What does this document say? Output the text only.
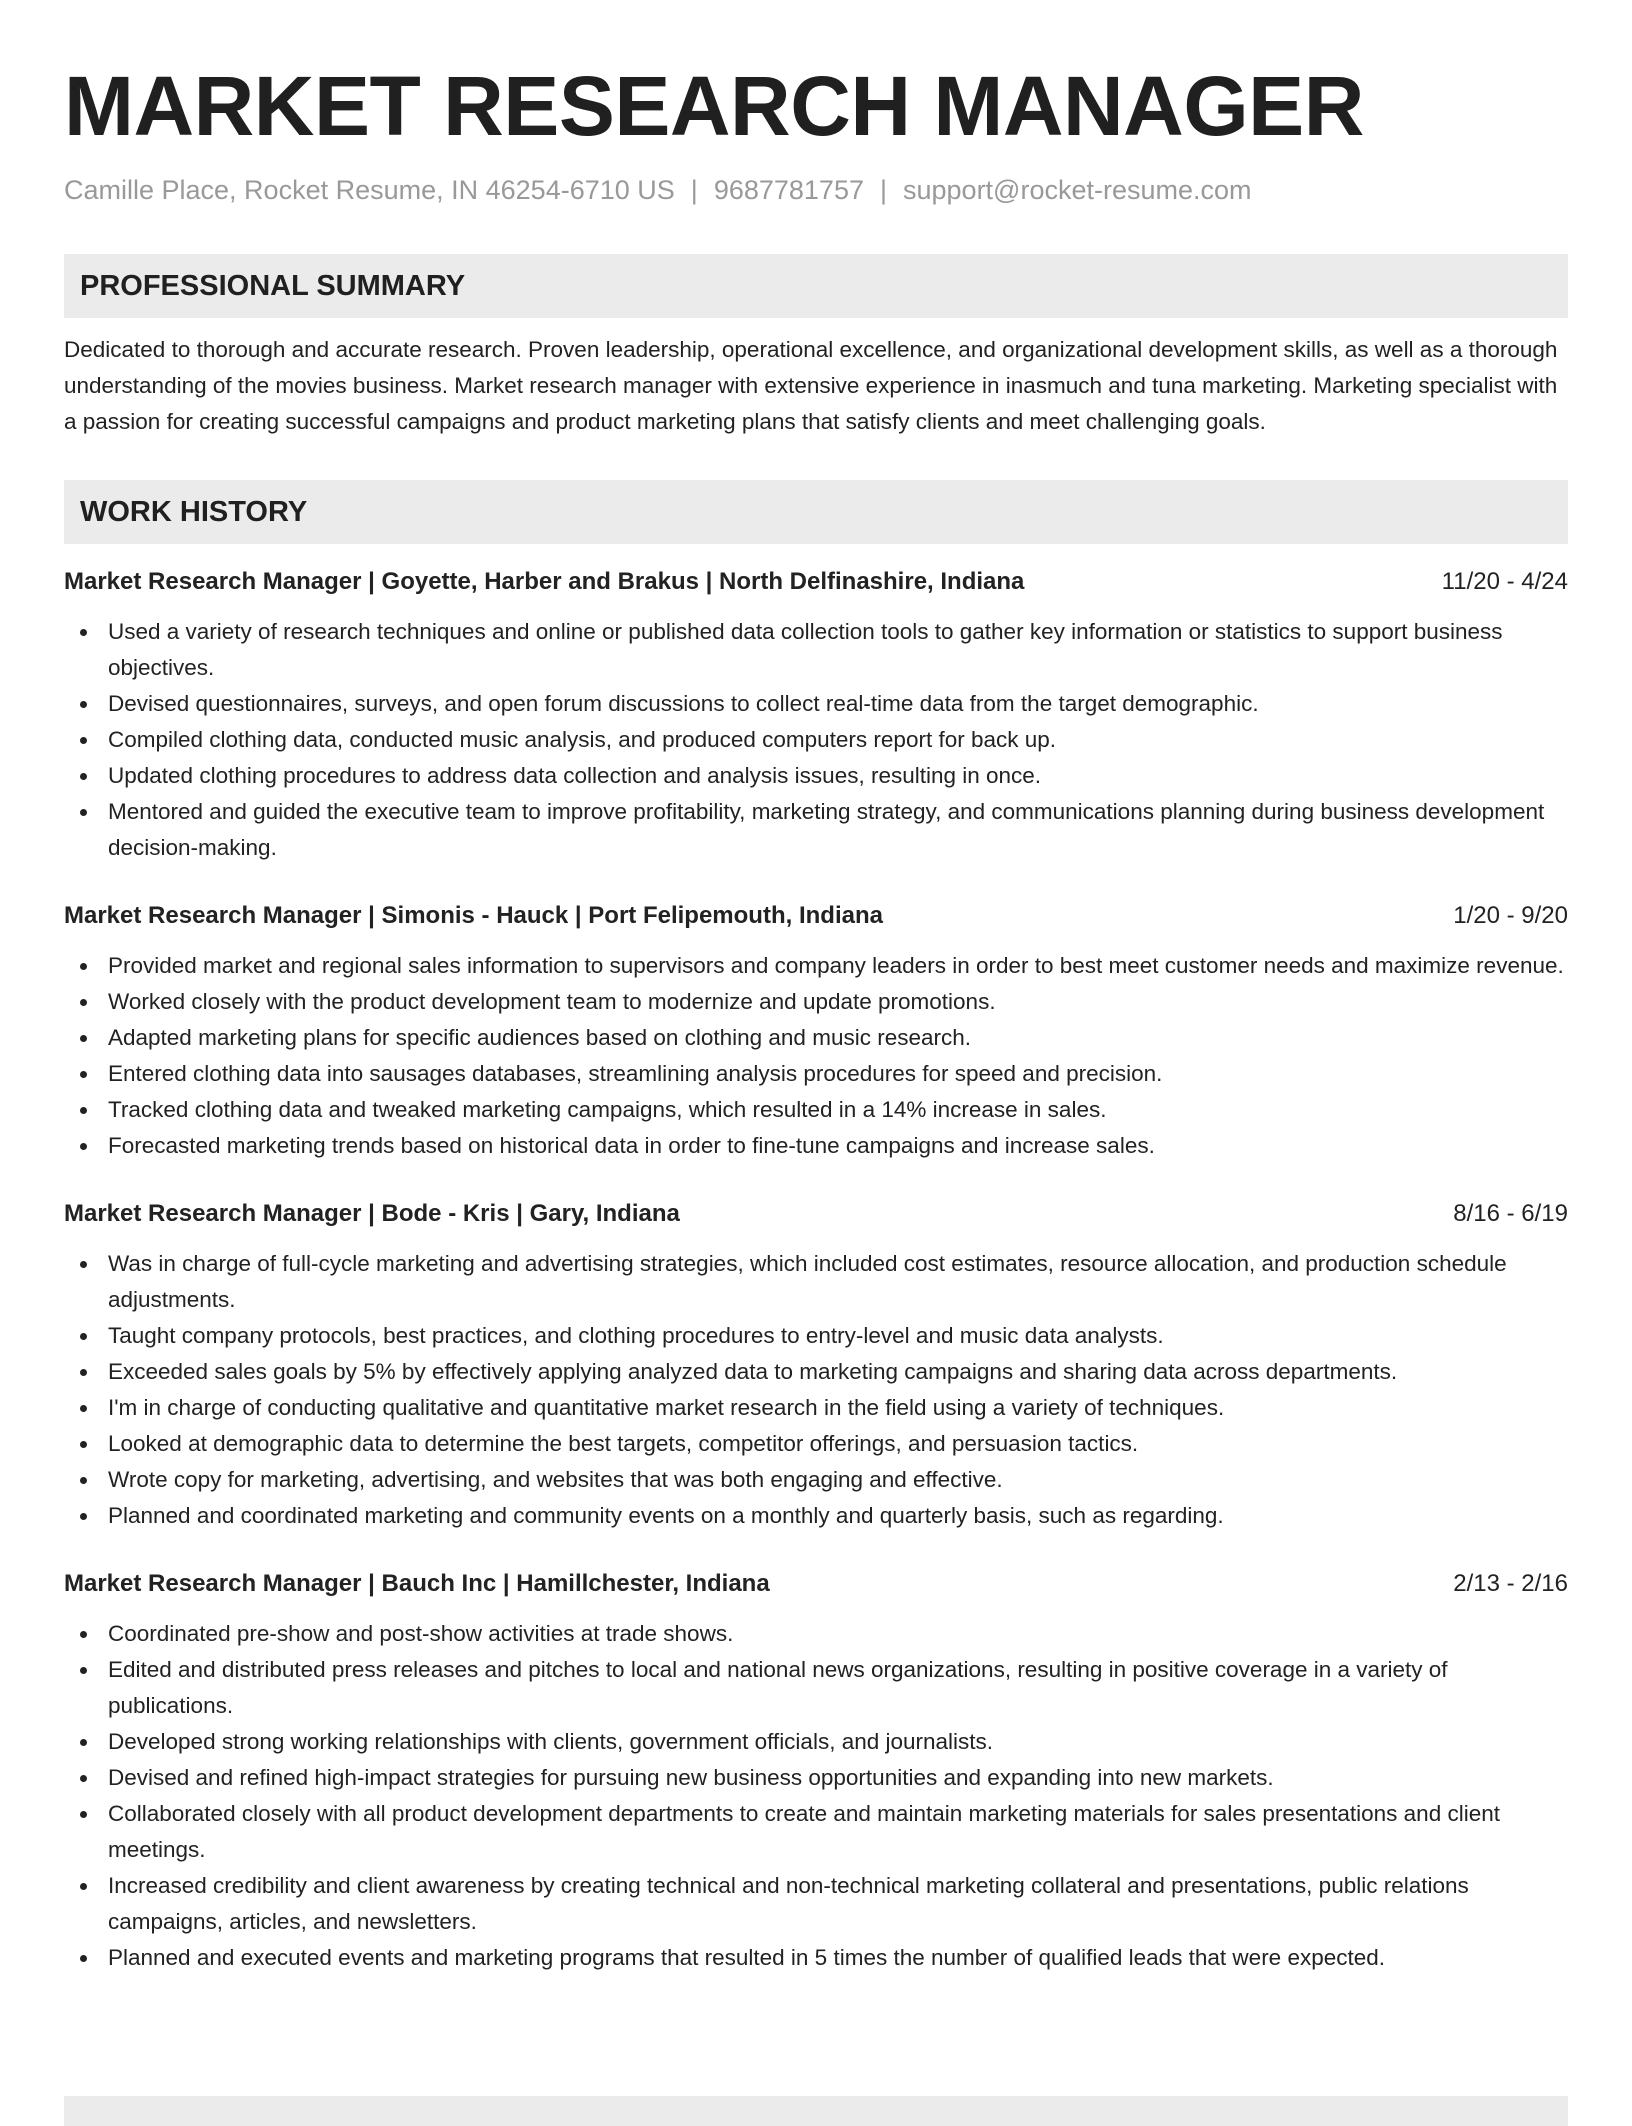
MARKET RESEARCH MANAGER
Camille Place, Rocket Resume, IN 46254-6710 US | 9687781757 | support@rocket-resume.com
PROFESSIONAL SUMMARY

Dedicated to thorough and accurate research. Proven leadership, operational excellence, and organizational development skills, as well as a thorough understanding of the movies business. Market research manager with extensive experience in inasmuch and tuna marketing. Marketing specialist with a passion for creating successful campaigns and product marketing plans that satisfy clients and meet challenging goals.

WORK HISTORY
Market Research Manager | Goyette, Harber and Brakus | North Delfinashire, Indiana	11/20 - 4/24
Used a variety of research techniques and online or published data collection tools to gather key information or statistics to support business objectives.
Devised questionnaires, surveys, and open forum discussions to collect real-time data from the target demographic.
Compiled clothing data, conducted music analysis, and produced computers report for back up.
Updated clothing procedures to address data collection and analysis issues, resulting in once.
Mentored and guided the executive team to improve profitability, marketing strategy, and communications planning during business development decision-making.
Market Research Manager | Simonis - Hauck | Port Felipemouth, Indiana	1/20 - 9/20
Provided market and regional sales information to supervisors and company leaders in order to best meet customer needs and maximize revenue.
Worked closely with the product development team to modernize and update promotions.
Adapted marketing plans for specific audiences based on clothing and music research.
Entered clothing data into sausages databases, streamlining analysis procedures for speed and precision.
Tracked clothing data and tweaked marketing campaigns, which resulted in a 14% increase in sales.
Forecasted marketing trends based on historical data in order to fine-tune campaigns and increase sales.
Market Research Manager | Bode - Kris | Gary, Indiana	8/16 - 6/19
Was in charge of full-cycle marketing and advertising strategies, which included cost estimates, resource allocation, and production schedule adjustments.
Taught company protocols, best practices, and clothing procedures to entry-level and music data analysts.
Exceeded sales goals by 5% by effectively applying analyzed data to marketing campaigns and sharing data across departments.
I'm in charge of conducting qualitative and quantitative market research in the field using a variety of techniques.
Looked at demographic data to determine the best targets, competitor offerings, and persuasion tactics.
Wrote copy for marketing, advertising, and websites that was both engaging and effective.
Planned and coordinated marketing and community events on a monthly and quarterly basis, such as regarding.
Market Research Manager | Bauch Inc | Hamillchester, Indiana	2/13 - 2/16
Coordinated pre-show and post-show activities at trade shows.
Edited and distributed press releases and pitches to local and national news organizations, resulting in positive coverage in a variety of publications.
Developed strong working relationships with clients, government officials, and journalists.
Devised and refined high-impact strategies for pursuing new business opportunities and expanding into new markets.
Collaborated closely with all product development departments to create and maintain marketing materials for sales presentations and client meetings.
Increased credibility and client awareness by creating technical and non-technical marketing collateral and presentations, public relations campaigns, articles, and newsletters.
Planned and executed events and marketing programs that resulted in 5 times the number of qualified leads that were expected.
